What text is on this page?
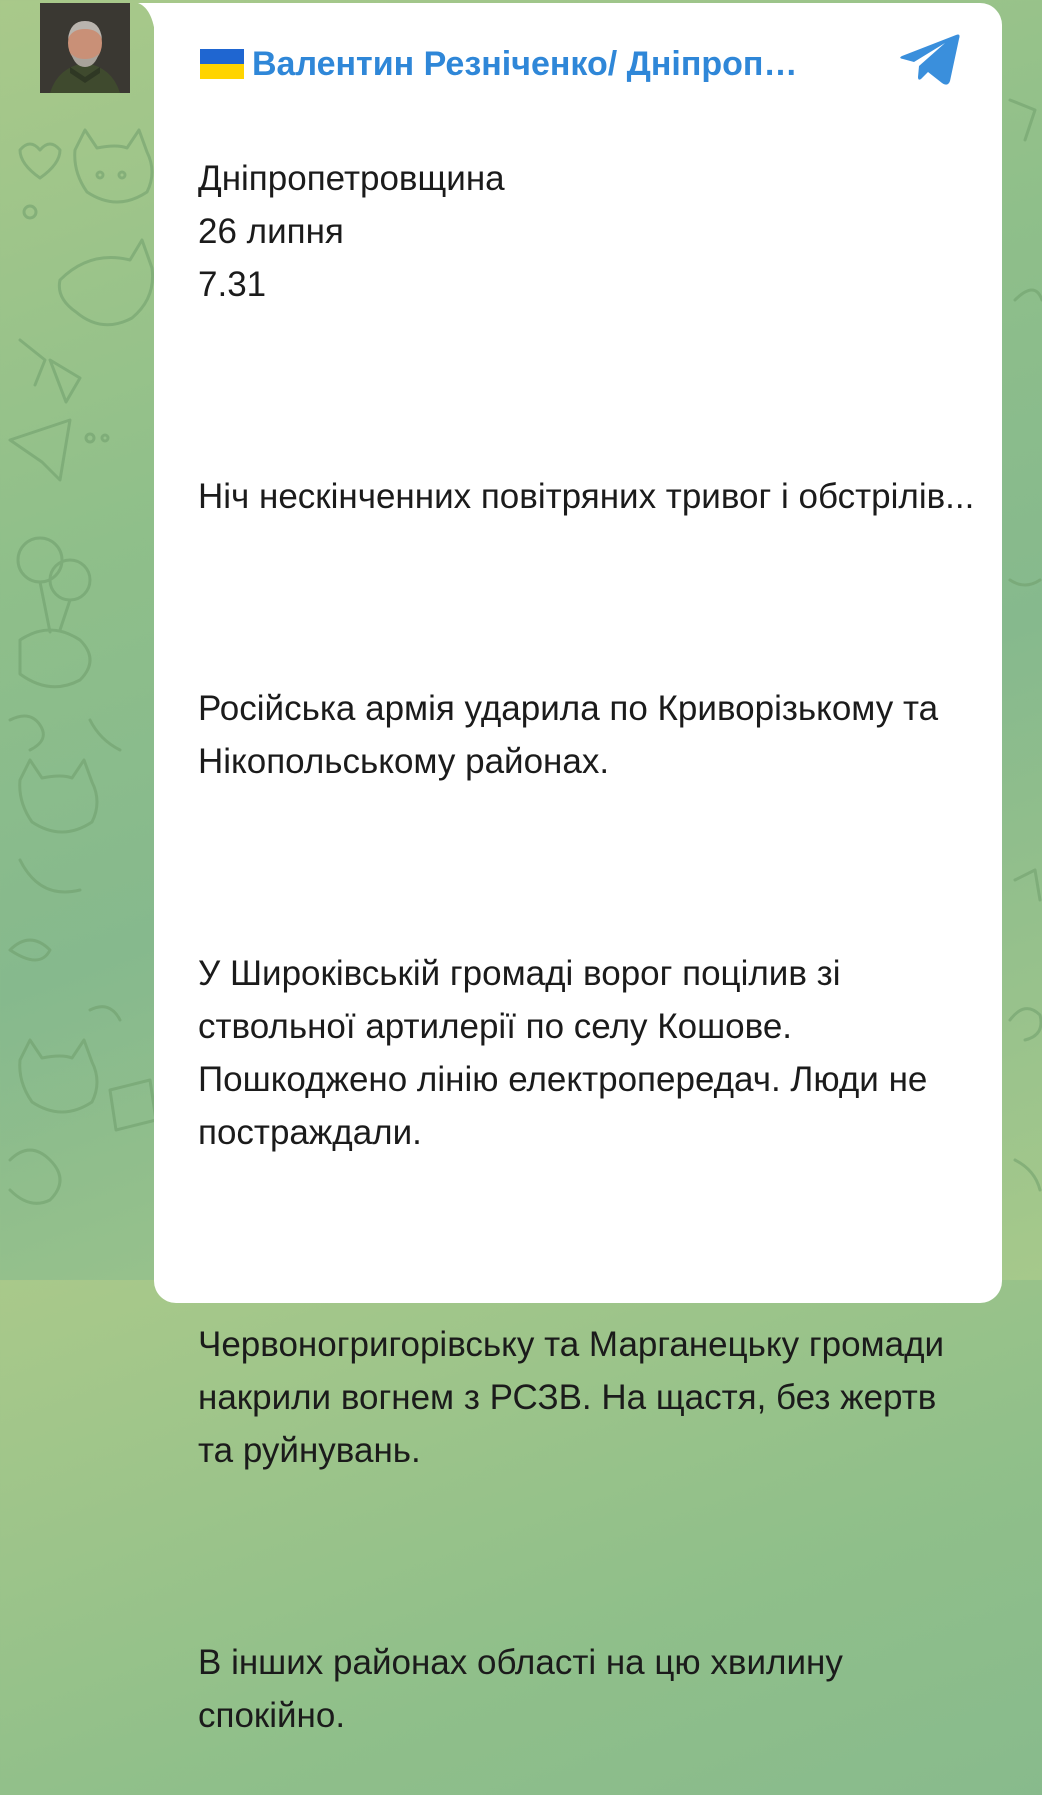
Валентин Резніченко/ Дніпроп…

Дніпропетровщина
26 липня
7.31

Ніч нескінченних повітряних тривог і обстрілів...

Російська армія ударила по Криворізькому та Нікопольському районах.

У Широківській громаді ворог поцілив зі ствольної артилерії по селу Кошове. Пошкоджено лінію електропередач. Люди не постраждали.

Червоногригорівську та Марганецьку громади накрили вогнем з РСЗВ. На щастя, без жертв та руйнувань.

В інших районах області на цю хвилину спокійно.
